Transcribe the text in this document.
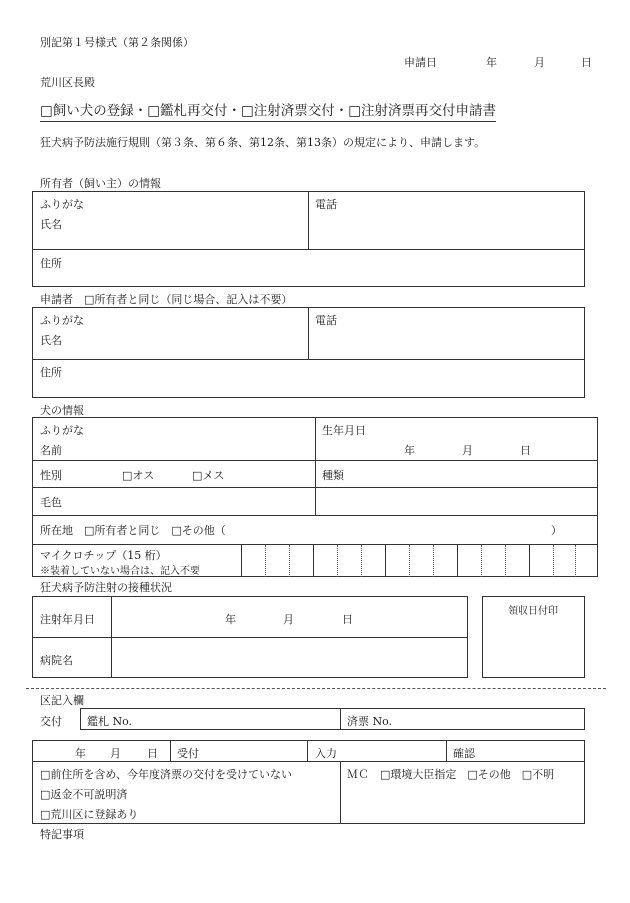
別記第１号様式（第２条関係）
申請日	年	月	日
荒川区長殿
□飼い犬の登録・□鑑札再交付・□注射済票交付・□注射済票再交付申請書
狂犬病予防法施行規則（第３条、第６条、第12条、第13条）の規定により、申請します。
所有者（飼い主）の情報
ふりがな
氏名
電話
住所
申請者　□所有者と同じ（同じ場合、記入は不要）
ふりがな
氏名
電話
住所
犬の情報
ふりがな
名前
生年月日
年	月	日
性別	□オス	□メス	種類
毛色
所在地　□所有者と同じ　□その他（	）
マイクロチップ（15 桁）
※装着していない場合は、記入不要
狂犬病予防注射の接種状況
注射年月日	年	月	日
病院名
領収日付印
区記入欄
交付 鑑札 No.	済票 No.
年 月 日 受付	入力	確認
□前住所を含め、今年度済票の交付を受けていない
□返金不可説明済
□荒川区に登録あり
ＭＣ　□環境大臣指定　□その他　□不明
特記事項
